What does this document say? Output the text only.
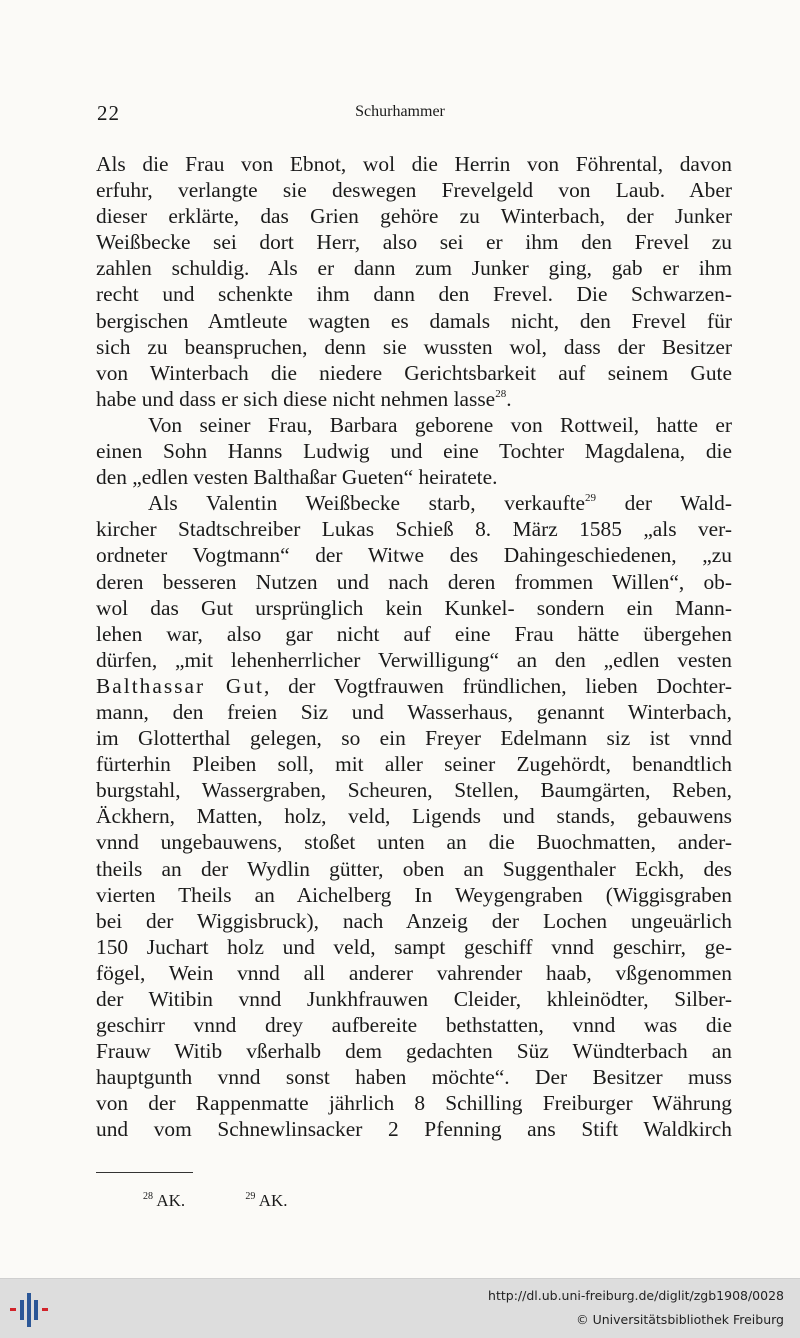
22	Schurhammer
Als die Frau von Ebnot, wol die Herrin von Föhrental, davon
erfuhr, verlangte sie deswegen Frevelgeld von Laub. Aber
dieser erklärte, das Grien gehöre zu Winterbach, der Junker
Weißbecke sei dort Herr, also sei er ihm den Frevel zu
zahlen schuldig. Als er dann zum Junker ging, gab er ihm
recht und schenkte ihm dann den Frevel. Die Schwarzen-
bergischen Amtleute wagten es damals nicht, den Frevel für
sich zu beanspruchen, denn sie wussten wol, dass der Besitzer
von Winterbach die niedere Gerichtsbarkeit auf seinem Gute
habe und dass er sich diese nicht nehmen lasse$^{28}$.
Von seiner Frau, Barbara geborene von Rottweil, hatte er
einen Sohn Hanns Ludwig und eine Tochter Magdalena, die
den „edlen vesten Balthaßar Gueten“ heiratete.
Als Valentin Weißbecke starb, verkaufte$^{29}$ der Wald-
kircher Stadtschreiber Lukas Schieß 8. März 1585 „als ver-
ordneter Vogtmann“ der Witwe des Dahingeschiedenen, „zu
deren besseren Nutzen und nach deren frommen Willen“, ob-
wol das Gut ursprünglich kein Kunkel- sondern ein Mann-
lehen war, also gar nicht auf eine Frau hätte übergehen
dürfen, „mit lehenherrlicher Verwilligung“ an den „edlen vesten
Balthassar Gut, der Vogtfrauwen fründlichen, lieben Dochter-
mann, den freien Siz und Wasserhaus, genannt Winterbach,
im Glotterthal gelegen, so ein Freyer Edelmann siz ist vnnd
fürterhin Pleiben soll, mit aller seiner Zugehördt, benandtlich
burgstahl, Wassergraben, Scheuren, Stellen, Baumgärten, Reben,
Äckhern, Matten, holz, veld, Ligends und stands, gebauwens
vnnd ungebauwens, stoßet unten an die Buochmatten, ander-
theils an der Wydlin gütter, oben an Suggenthaler Eckh, des
vierten Theils an Aichelberg In Weygengraben (Wiggisgraben
bei der Wiggisbruck), nach Anzeig der Lochen ungeuärlich
150 Juchart holz und veld, sampt geschiff vnnd geschirr, ge-
fögel, Wein vnnd all anderer vahrender haab, vßgenommen
der Witibin vnnd Junkhfrauwen Cleider, khleinödter, Silber-
geschirr vnnd drey aufbereite bethstatten, vnnd was die
Frauw Witib vßerhalb dem gedachten Süz Wündterbach an
hauptgunth vnnd sonst haben möchte“. Der Besitzer muss
von der Rappenmatte jährlich 8 Schilling Freiburger Währung
und vom Schnewlinsacker 2 Pfenning ans Stift Waldkirch
$^{28}$ AK.	$^{29}$ AK.
http://dl.ub.uni-freiburg.de/diglit/zgb1908/0028
© Universitätsbibliothek Freiburg
